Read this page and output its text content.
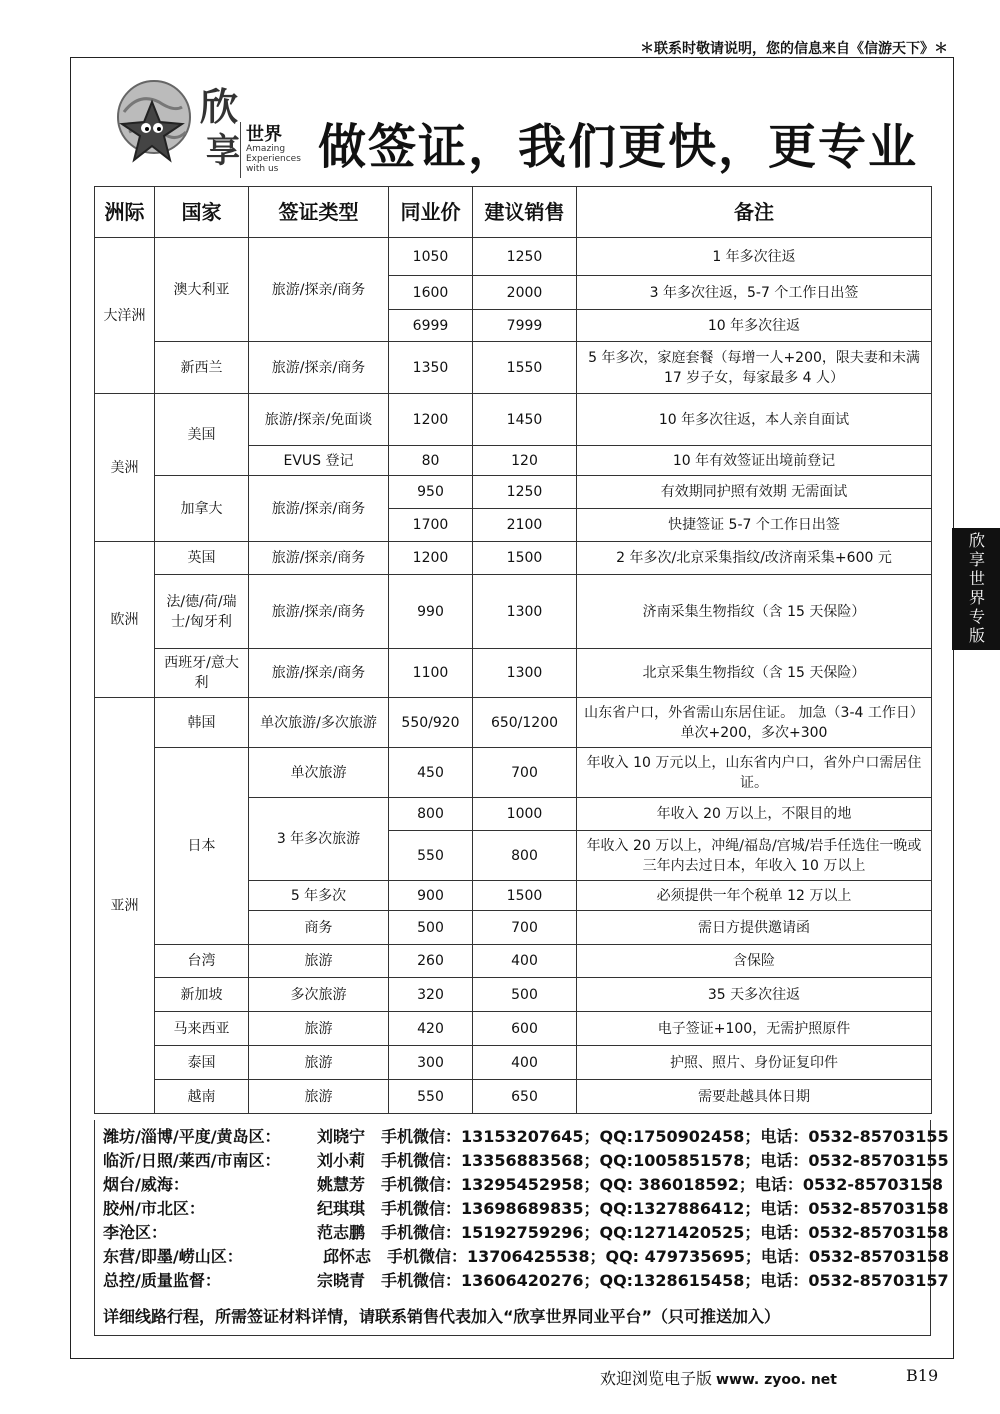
＊联系时敬请说明，您的信息来自《信游天下》＊
欣
享 世界
Amazing
Experiences
with us 做签证，我们更快，更专业
洲际	国家	签证类型	同业价	建议销售	备注
大洋洲	澳大利亚	旅游/探亲/商务	1050	1250	1 年多次往返
			1600	2000	3 年多次往返，5-7 个工作日出签
			6999	7999	10 年多次往返
	新西兰	旅游/探亲/商务	1350	1550	5 年多次，家庭套餐（每增一人+200，限夫妻和未满 17 岁子女，每家最多 4 人）
美洲	美国	旅游/探亲/免面谈	1200	1450	10 年多次往返，本人亲自面试
		EVUS 登记	80	120	10 年有效签证出境前登记
	加拿大	旅游/探亲/商务	950	1250	有效期同护照有效期 无需面试
			1700	2100	快捷签证 5-7 个工作日出签
欧洲	英国	旅游/探亲/商务	1200	1500	2 年多次/北京采集指纹/改济南采集+600 元
	法/德/荷/瑞士/匈牙利	旅游/探亲/商务	990	1300	济南采集生物指纹（含 15 天保险）
	西班牙/意大利	旅游/探亲/商务	1100	1300	北京采集生物指纹（含 15 天保险）
亚洲	韩国	单次旅游/多次旅游	550/920	650/1200	山东省户口，外省需山东居住证。 加急（3-4 工作日）单次+200，多次+300
	日本	单次旅游	450	700	年收入 10 万元以上，山东省内户口，省外户口需居住证。
		3 年多次旅游	800	1000	年收入 20 万以上，不限目的地
			550	800	年收入 20 万以上，冲绳/福岛/宫城/岩手任选住一晚或三年内去过日本，年收入 10 万以上
		5 年多次	900	1500	必须提供一年个税单 12 万以上
		商务	500	700	需日方提供邀请函
	台湾	旅游	260	400	含保险
	新加坡	多次旅游	320	500	35 天多次往返
	马来西亚	旅游	420	600	电子签证+100，无需护照原件
	泰国	旅游	300	400	护照、照片、身份证复印件
	越南	旅游	550	650	需要赴越具体日期
潍坊/淄博/平度/黄岛区： 刘晓宁 手机微信：13153207645；QQ:1750902458；电话：0532-85703155
临沂/日照/莱西/市南区： 刘小莉 手机微信：13356883568；QQ:1005851578；电话：0532-85703155
烟台/威海：	姚慧芳 手机微信：13295452958；QQ: 386018592；电话：0532-85703158
胶州/市北区：	纪琪琪 手机微信：13698689835；QQ:1327886412；电话：0532-85703158
李沧区：	范志鹏 手机微信：15192759296；QQ:1271420525；电话：0532-85703158
东营/即墨/崂山区：	邱怀志 手机微信：13706425538；QQ: 479735695；电话：0532-85703158
总控/质量监督：	宗晓青 手机微信：13606420276；QQ:1328615458；电话：0532-85703157
详细线路行程，所需签证材料详情，请联系销售代表加入“欣享世界同业平台”（只可推送加入）
欣享世界专版
欢迎浏览电子版 www. zyoo. net	B19
